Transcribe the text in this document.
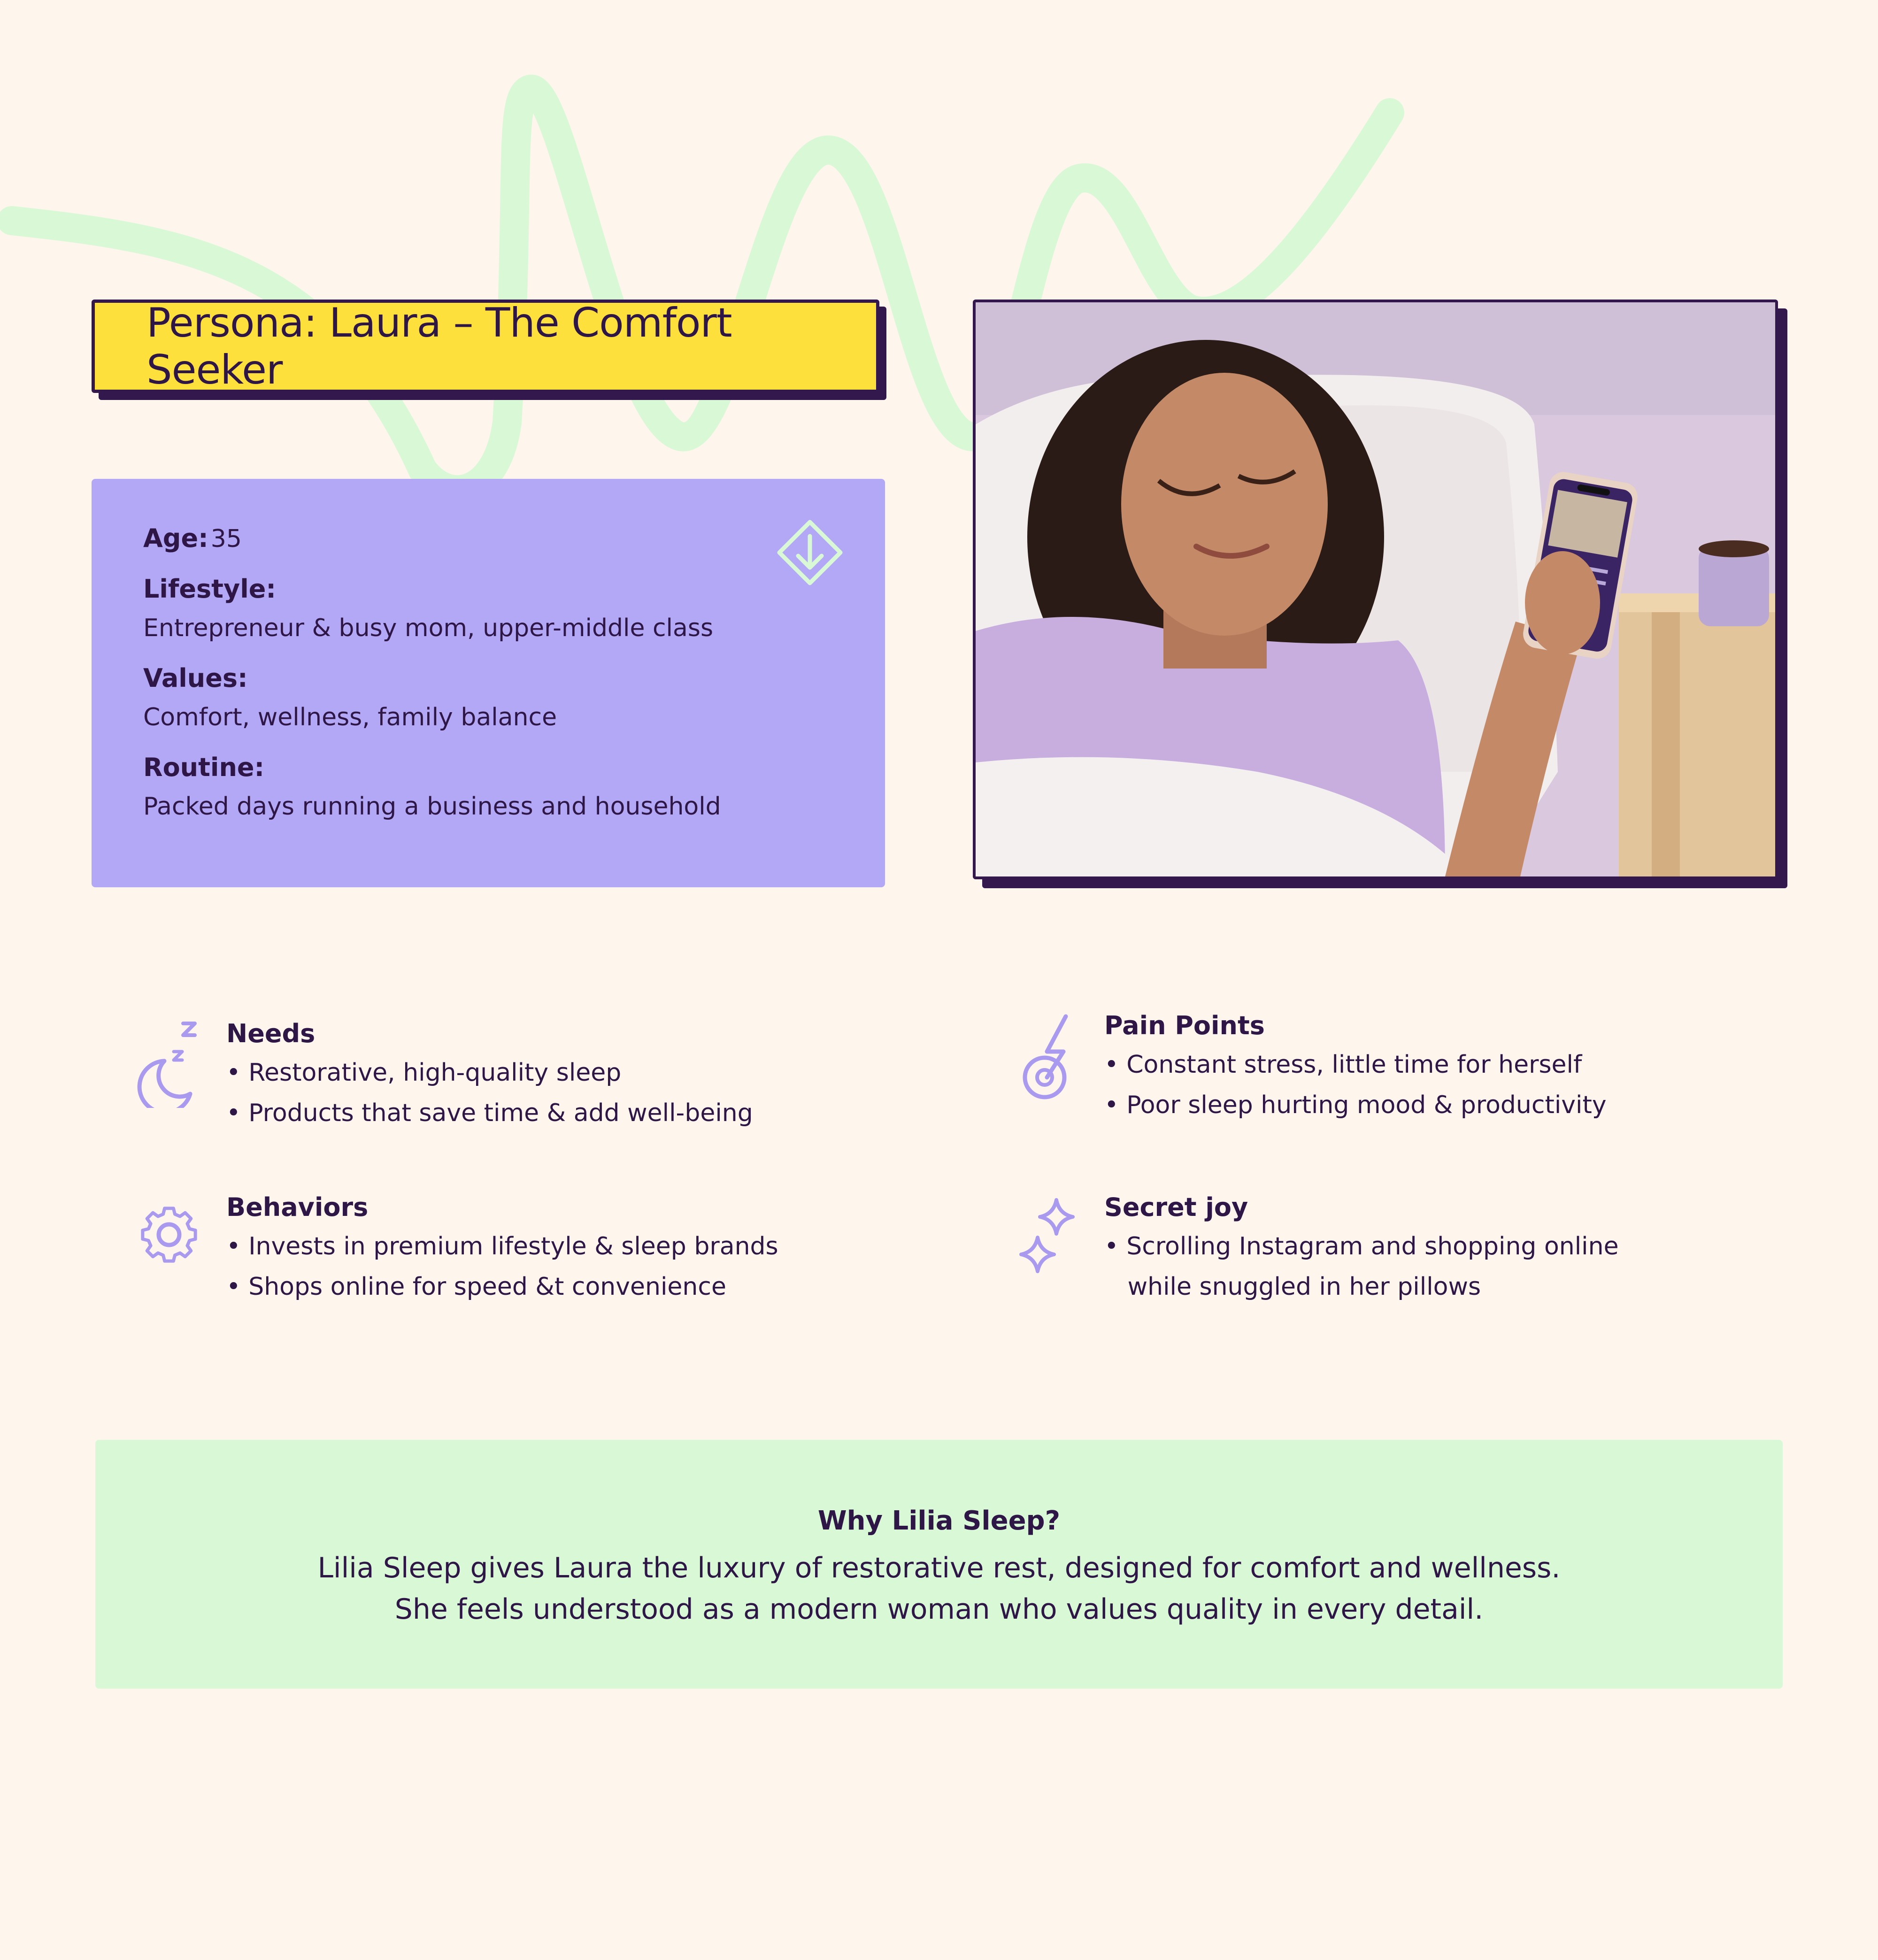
Persona: Laura – The Comfort Seeker
Age: 35
Lifestyle:
Entrepreneur & busy mom, upper-middle class
Values:
Comfort, wellness, family balance
Routine:
Packed days running a business and household
Needs
• Restorative, high-quality sleep
• Products that save time & add well-being
Pain Points
• Constant stress, little time for herself
• Poor sleep hurting mood & productivity
Behaviors
• Invests in premium lifestyle & sleep brands
• Shops online for speed &t convenience
Secret joy
• Scrolling Instagram and shopping online
while snuggled in her pillows
Why Lilia Sleep?
Lilia Sleep gives Laura the luxury of restorative rest, designed for comfort and wellness.
She feels understood as a modern woman who values quality in every detail.
